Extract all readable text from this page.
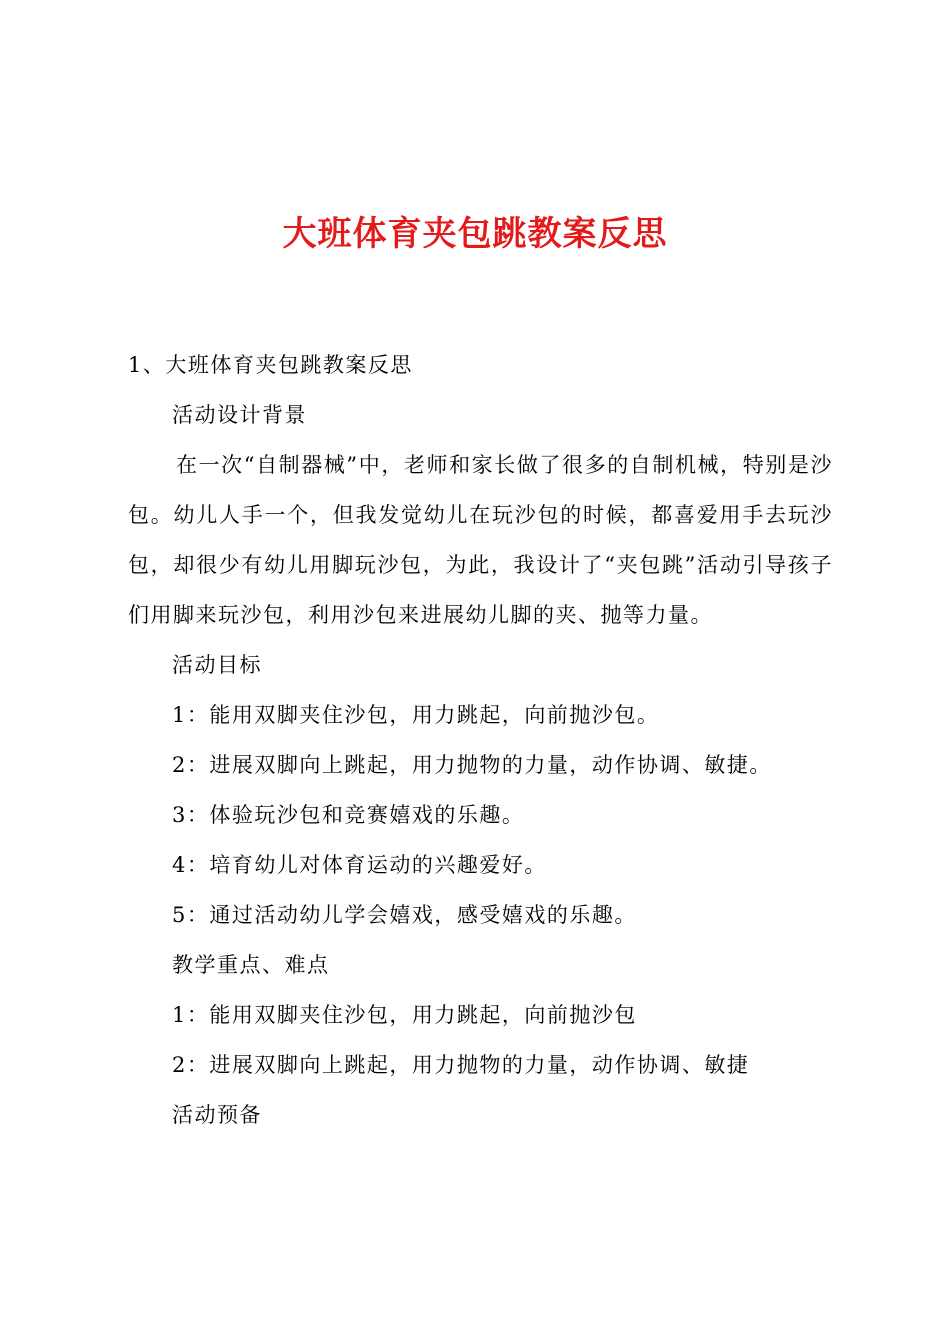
大班体育夹包跳教案反思
1、大班体育夹包跳教案反思
活动设计背景
在一次“自制器械”中，老师和家长做了很多的自制机械，特别是沙包。幼儿人手一个，但我发觉幼儿在玩沙包的时候，都喜爱用手去玩沙包，却很少有幼儿用脚玩沙包，为此，我设计了“夹包跳”活动引导孩子们用脚来玩沙包，利用沙包来进展幼儿脚的夹、抛等力量。
活动目标
1：能用双脚夹住沙包，用力跳起，向前抛沙包。
2：进展双脚向上跳起，用力抛物的力量，动作协调、敏捷。
3：体验玩沙包和竞赛嬉戏的乐趣。
4：培育幼儿对体育运动的兴趣爱好。
5：通过活动幼儿学会嬉戏，感受嬉戏的乐趣。
教学重点、难点
1：能用双脚夹住沙包，用力跳起，向前抛沙包
2：进展双脚向上跳起，用力抛物的力量，动作协调、敏捷
活动预备
